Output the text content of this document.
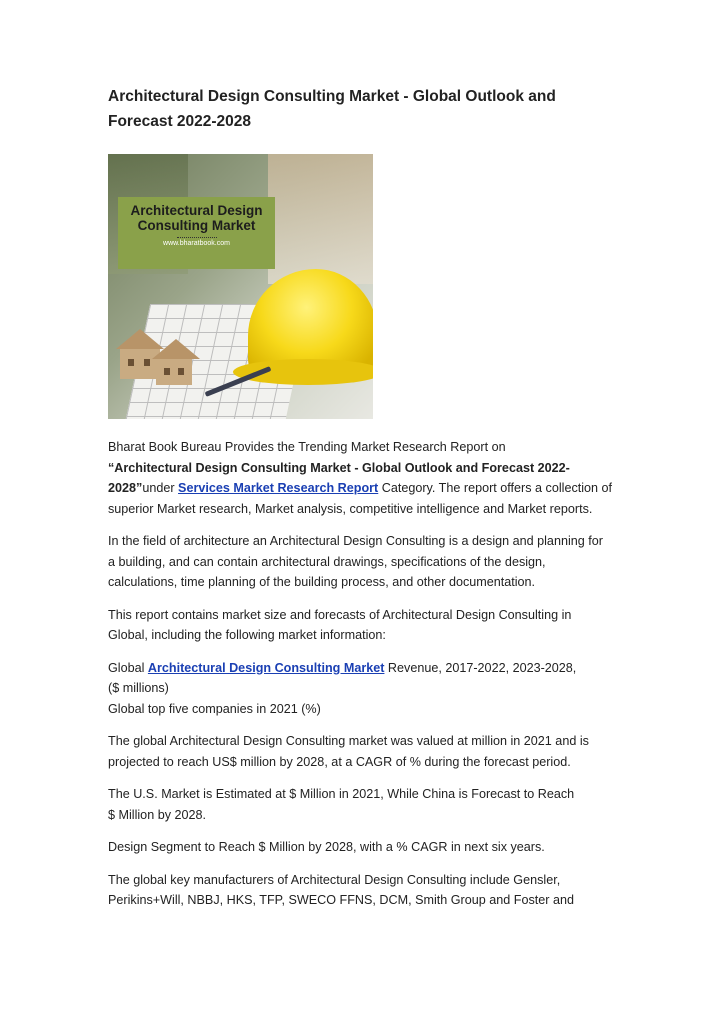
Architectural Design Consulting Market - Global Outlook and Forecast 2022-2028
Architectural Design Consulting Market
www.bharatbook.com

Bharat Book Bureau Provides the Trending Market Research Report on
“Architectural Design Consulting Market - Global Outlook and Forecast 2022-2028”under Services Market Research Report Category. The report offers a collection of superior Market research, Market analysis, competitive intelligence and Market reports.

In the field of architecture an Architectural Design Consulting is a design and planning for a building, and can contain architectural drawings, specifications of the design, calculations, time planning of the building process, and other documentation.

This report contains market size and forecasts of Architectural Design Consulting in Global, including the following market information:

Global Architectural Design Consulting Market Revenue, 2017-2022, 2023-2028,
($ millions)
Global top five companies in 2021 (%)

The global Architectural Design Consulting market was valued at million in 2021 and is projected to reach US$ million by 2028, at a CAGR of % during the forecast period.

The U.S. Market is Estimated at $ Million in 2021, While China is Forecast to Reach
$ Million by 2028.

Design Segment to Reach $ Million by 2028, with a % CAGR in next six years.

The global key manufacturers of Architectural Design Consulting include Gensler, Perikins+Will, NBBJ, HKS, TFP, SWECO FFNS, DCM, Smith Group and Foster and
